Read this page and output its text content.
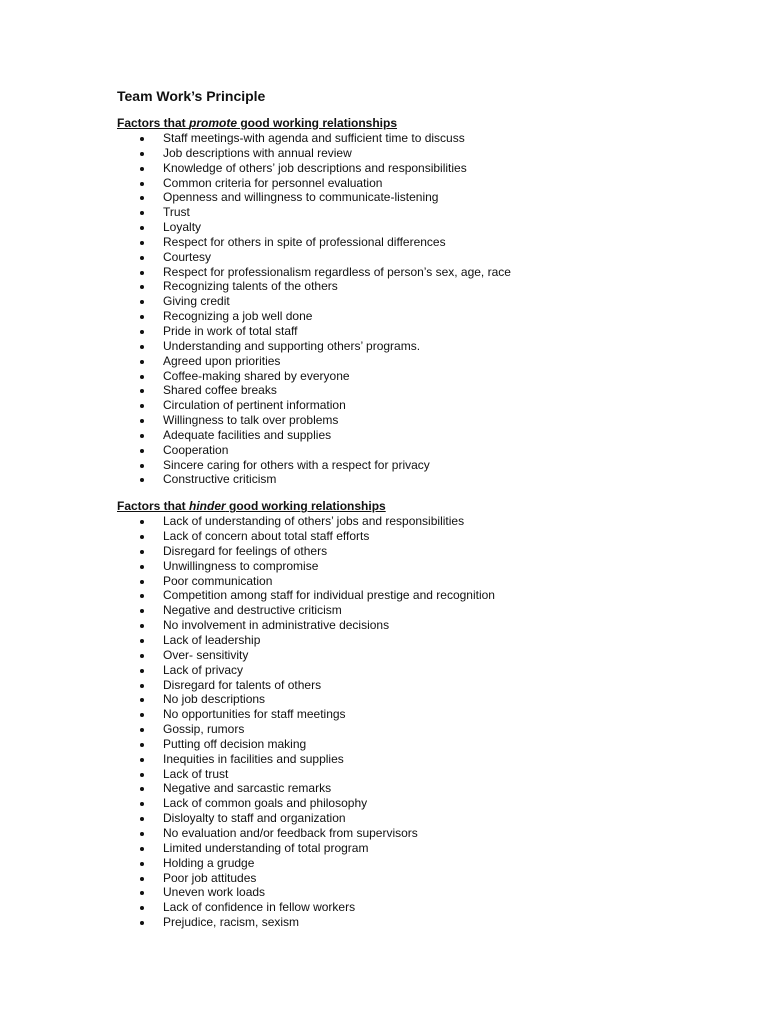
Team Work’s Principle
Factors that promote good working relationships
Staff meetings-with agenda and sufficient time to discuss
Job descriptions with annual review
Knowledge of others’ job descriptions and responsibilities
Common criteria for personnel evaluation
Openness and willingness to communicate-listening
Trust
Loyalty
Respect for others in spite of professional differences
Courtesy
Respect for professionalism regardless of person’s sex, age, race
Recognizing talents of the others
Giving credit
Recognizing a job well done
Pride in work of total staff
Understanding and supporting others’ programs.
Agreed upon priorities
Coffee-making shared by everyone
Shared coffee breaks
Circulation of pertinent information
Willingness to talk over problems
Adequate facilities and supplies
Cooperation
Sincere caring for others with a respect for privacy
Constructive criticism
Factors that hinder good working relationships
Lack of understanding of others’ jobs and responsibilities
Lack of concern about total staff efforts
Disregard for feelings of others
Unwillingness to compromise
Poor communication
Competition among staff for individual prestige and recognition
Negative and destructive criticism
No involvement in administrative decisions
Lack of leadership
Over- sensitivity
Lack of privacy
Disregard for talents of others
No job descriptions
No opportunities for staff meetings
Gossip, rumors
Putting off decision making
Inequities in facilities and supplies
Lack of trust
Negative and sarcastic remarks
Lack of common goals and philosophy
Disloyalty to staff and organization
No evaluation and/or feedback from supervisors
Limited understanding of total program
Holding a grudge
Poor job attitudes
Uneven work loads
Lack of confidence in fellow workers
Prejudice, racism, sexism
